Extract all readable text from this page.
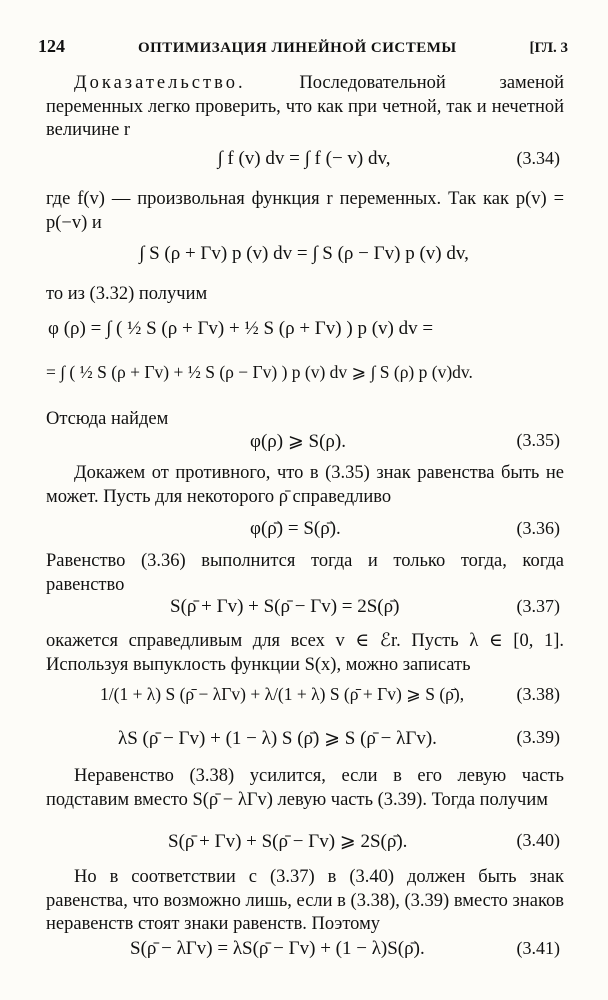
124	ОПТИМИЗАЦИЯ ЛИНЕЙНОЙ СИСТЕМЫ	[ГЛ. 3
Доказательство.	Последовательной заменой переменных легко проверить, что как при четной, так и нечетной величине r
∫ f (v) dv = ∫ f (− v) dv,	(3.34)
где f(v) — произвольная функция r переменных. Так как p(v) = p(−v) и
∫ S (ρ + Γv) p (v) dv = ∫ S (ρ − Γv) p (v) dv,
то из (3.32) получим
φ (ρ) = ∫ ( ½ S (ρ + Γv) + ½ S (ρ + Γv) ) p (v) dv =
= ∫ ( ½ S (ρ + Γv) + ½ S (ρ − Γv) ) p (v) dv ⩾ ∫ S (ρ) p (v)dv.
Отсюда найдем
φ(ρ) ⩾ S(ρ).	(3.35)
Докажем от противного, что в (3.35) знак равенства быть не может. Пусть для некоторого ρ̄ справедливо
φ(ρ̄) = S(ρ̄).	(3.36)
Равенство (3.36) выполнится тогда и только тогда, когда равенство
S(ρ̄ + Γv) + S(ρ̄ − Γv) = 2S(ρ̄)	(3.37)
окажется справедливым для всех v ∈ ℰr. Пусть λ ∈ [0, 1]. Используя выпуклость функции S(x), можно записать
1/(1 + λ) S (ρ̄ − λΓv) + λ/(1 + λ) S (ρ̄ + Γv) ⩾ S (ρ̄),	(3.38)
λS (ρ̄ − Γv) + (1 − λ) S (ρ̄) ⩾ S (ρ̄ − λΓv).	(3.39)
Неравенство (3.38) усилится, если в его левую часть подставим вместо S(ρ̄ − λΓv) левую часть (3.39). Тогда получим
S(ρ̄ + Γv) + S(ρ̄ − Γv) ⩾ 2S(ρ̄).	(3.40)
Но в соответствии с (3.37) в (3.40) должен быть знак равенства, что возможно лишь, если в (3.38), (3.39) вместо знаков неравенств стоят знаки равенств. Поэтому
S(ρ̄ − λΓv) = λS(ρ̄ − Γv) + (1 − λ)S(ρ̄).	(3.41)
